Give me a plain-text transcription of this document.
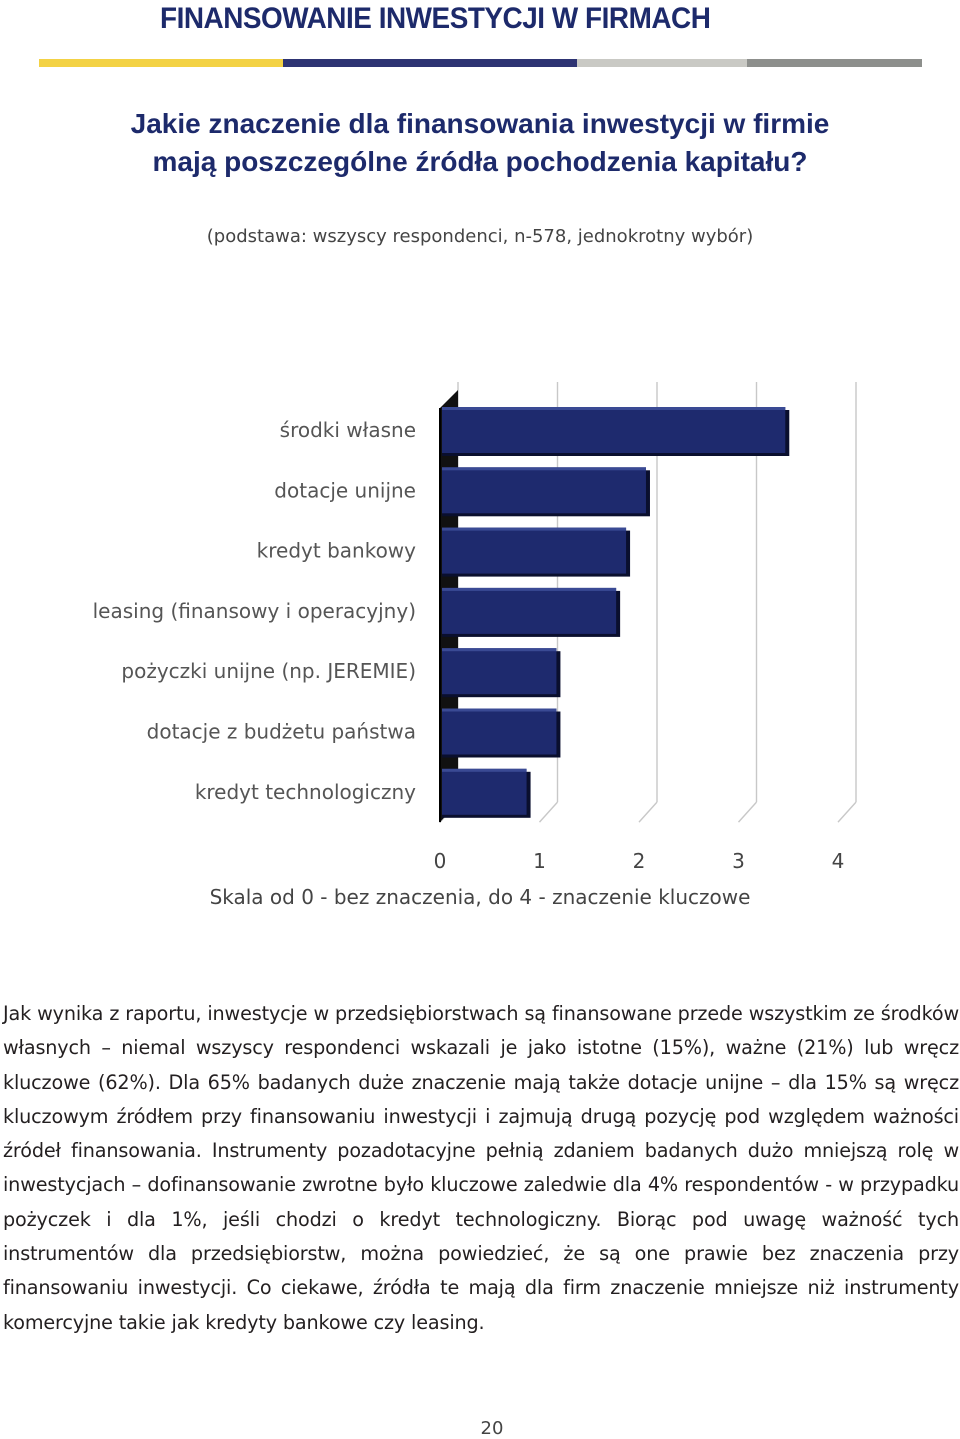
FINANSOWANIE INWESTYCJI W FIRMACH
Jakie znaczenie dla finansowania inwestycji w firmie
mają poszczególne źródła pochodzenia kapitału?
(podstawa: wszyscy respondenci, n-578, jednokrotny wybór)
środki własne
dotacje unijne
kredyt bankowy
leasing (finansowy i operacyjny)
pożyczki unijne (np. JEREMIE)
dotacje z budżetu państwa
kredyt technologiczny
0	1	2	3	4
Skala od 0 - bez znaczenia, do 4 - znaczenie kluczowe

Jak wynika z raportu, inwestycje w przedsiębiorstwach są finansowane przede wszystkim ze środków własnych – niemal wszyscy respondenci wskazali je jako istotne (15%), ważne (21%) lub wręcz kluczowe (62%). Dla 65% badanych duże znaczenie mają także dotacje unijne – dla 15% są wręcz kluczowym źródłem przy finansowaniu inwestycji i zajmują drugą pozycję pod względem ważności źródeł finansowania. Instrumenty pozadotacyjne pełnią zdaniem badanych dużo mniejszą rolę w inwestycjach – dofinansowanie zwrotne było kluczowe zaledwie dla 4% respondentów - w przypadku pożyczek i dla 1%, jeśli chodzi o kredyt technologiczny. Biorąc pod uwagę ważność tych instrumentów dla przedsiębiorstw, można powiedzieć, że są one prawie bez znaczenia przy finansowaniu inwestycji. Co ciekawe, źródła te mają dla firm znaczenie mniejsze niż instrumenty komercyjne takie jak kredyty bankowe czy leasing.

20
